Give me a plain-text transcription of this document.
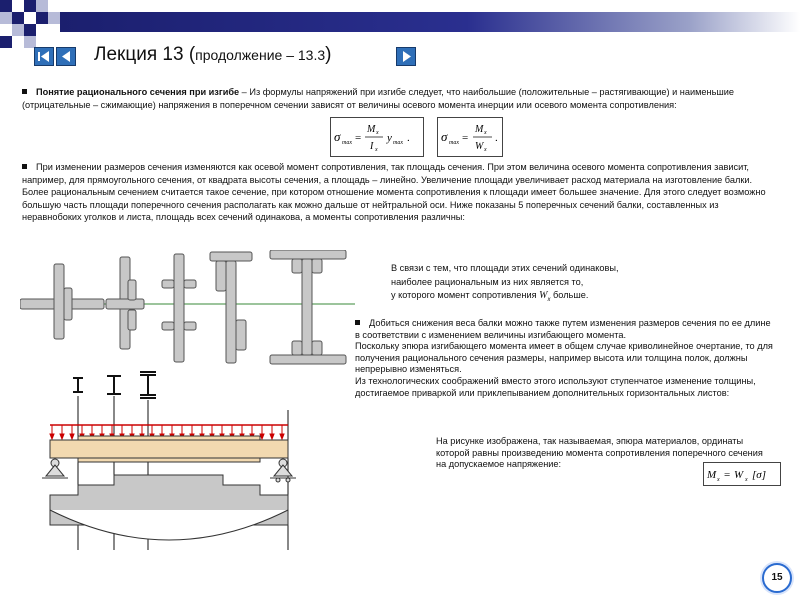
Лекция 13 (продолжение – 13.3)
Понятие рационального сечения при изгибе – Из формулы напряжений при изгибе следует, что наибольшие (положительные – растягивающие) и наименьшие (отрицательные – сжимающие) напряжения в поперечном сечении зависят от величины осевого момента инерции или осевого момента сопротивления:
σ max =
M x
I x
y max . σ max =
M x
W x
.
При изменении размеров сечения изменяются как осевой момент сопротивления, так площадь сечения. При этом величина осевого момента сопротивления зависит, например, для прямоугольного сечения, от квадрата высоты сечения, а площадь – линейно. Увеличение площади увеличивает расход материала на изготовление балки. Более рациональным сечением считается такое сечение, при котором отношение момента сопротивления к площади имеет большее значение. Для этого следует возможно большую часть площади поперечного сечения располагать как можно дальше от нейтральной оси. Ниже показаны 5 поперечных сечений балки, составленных из неравнобоких уголков и листа, площадь всех сечений одинакова, а моменты сопротивления различны:
В связи с тем, что площади этих сечений одинаковы,
наиболее рациональным из них является то,
у которого момент сопротивления $W_x$ больше.
Добиться снижения веса балки можно также путем изменения размеров сечения по ее длине в соответствии с изменением величины изгибающего момента.
Поскольку эпюра изгибающего момента имеет в общем случае криволинейное очертание, то для получения рационального сечения размеры, например высота или толщина полок, должны непрерывно изменяться.
Из технологических соображений вместо этого используют ступенчатое изменение толщины, достигаемое приваркой или приклепыванием дополнительных горизонтальных листов:
На рисунке изображена, так называемая, эпюра материалов, ординаты которой равны произведению момента сопротивления поперечного сечения на допускаемое напряжение:
M x = W x [σ]
15
